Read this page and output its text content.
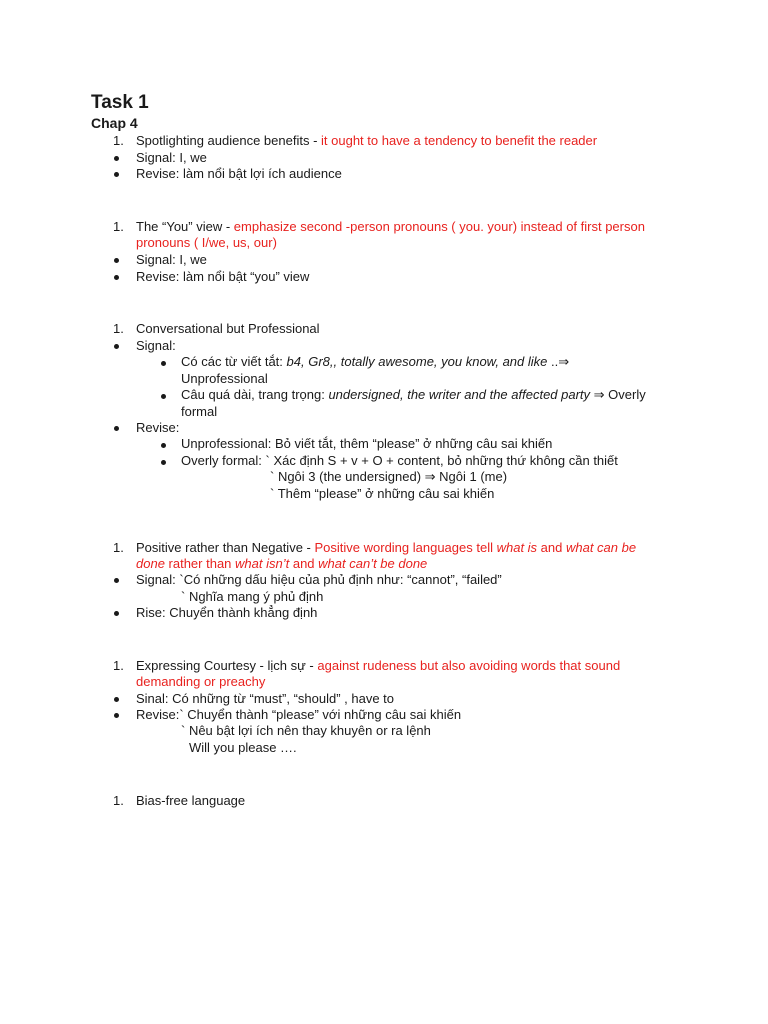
Task 1
Chap 4
1. Spotlighting audience benefits - it ought to have a tendency to benefit the reader
Signal: I, we
Revise: làm nổi bật lợi ích audience
1. The “You” view - emphasize second -person pronouns ( you. your) instead of first person
pronouns ( I/we, us, our)
Signal: I, we
Revise: làm nổi bật “you” view
1. Conversational but Professional
Signal:
Có các từ viết tắt: b4, Gr8,, totally awesome, you know, and like ..⇒
Unprofessional
Câu quá dài, trang trọng: undersigned, the writer and the affected party ⇒ Overly
formal
Revise:
Unprofessional: Bỏ viết tắt, thêm “please” ở những câu sai khiến
Overly formal: ` Xác định S + v + O + content, bỏ những thứ không cần thiết
` Ngôi 3 (the undersigned) ⇒ Ngôi 1 (me)
` Thêm “please” ở những câu sai khiến
1. Positive rather than Negative - Positive wording languages tell what is and what can be
done rather than what isn’t and what can’t be done
Signal: `Có những dấu hiệu của phủ định như: “cannot”, “failed”
` Nghĩa mang ý phủ định
Rise: Chuyển thành khẳng định
1. Expressing Courtesy - lịch sự - against rudeness but also avoiding words that sound
demanding or preachy
Sinal: Có những từ “must”, “should” , have to
Revise:` Chuyển thành “please” với những câu sai khiến
` Nêu bật lợi ích nên thay khuyên or ra lệnh
Will you please ….
1. Bias-free language
